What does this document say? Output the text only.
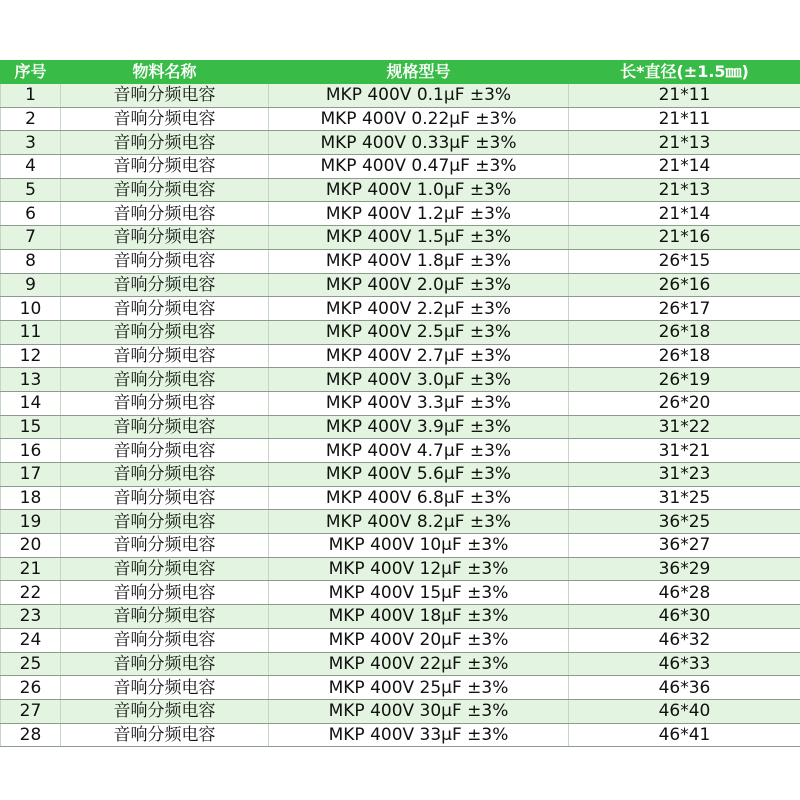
序号	物料名称	规格型号	长*直径(±1.5㎜)
1	音响分频电容	MKP 400V 0.1μF ±3%	21*11
2	音响分频电容	MKP 400V 0.22μF ±3%	21*11
3	音响分频电容	MKP 400V 0.33μF ±3%	21*13
4	音响分频电容	MKP 400V 0.47μF ±3%	21*14
5	音响分频电容	MKP 400V 1.0μF ±3%	21*13
6	音响分频电容	MKP 400V 1.2μF ±3%	21*14
7	音响分频电容	MKP 400V 1.5μF ±3%	21*16
8	音响分频电容	MKP 400V 1.8μF ±3%	26*15
9	音响分频电容	MKP 400V 2.0μF ±3%	26*16
10	音响分频电容	MKP 400V 2.2μF ±3%	26*17
11	音响分频电容	MKP 400V 2.5μF ±3%	26*18
12	音响分频电容	MKP 400V 2.7μF ±3%	26*18
13	音响分频电容	MKP 400V 3.0μF ±3%	26*19
14	音响分频电容	MKP 400V 3.3μF ±3%	26*20
15	音响分频电容	MKP 400V 3.9μF ±3%	31*22
16	音响分频电容	MKP 400V 4.7μF ±3%	31*21
17	音响分频电容	MKP 400V 5.6μF ±3%	31*23
18	音响分频电容	MKP 400V 6.8μF ±3%	31*25
19	音响分频电容	MKP 400V 8.2μF ±3%	36*25
20	音响分频电容	MKP 400V 10μF ±3%	36*27
21	音响分频电容	MKP 400V 12μF ±3%	36*29
22	音响分频电容	MKP 400V 15μF ±3%	46*28
23	音响分频电容	MKP 400V 18μF ±3%	46*30
24	音响分频电容	MKP 400V 20μF ±3%	46*32
25	音响分频电容	MKP 400V 22μF ±3%	46*33
26	音响分频电容	MKP 400V 25μF ±3%	46*36
27	音响分频电容	MKP 400V 30μF ±3%	46*40
28	音响分频电容	MKP 400V 33μF ±3%	46*41
